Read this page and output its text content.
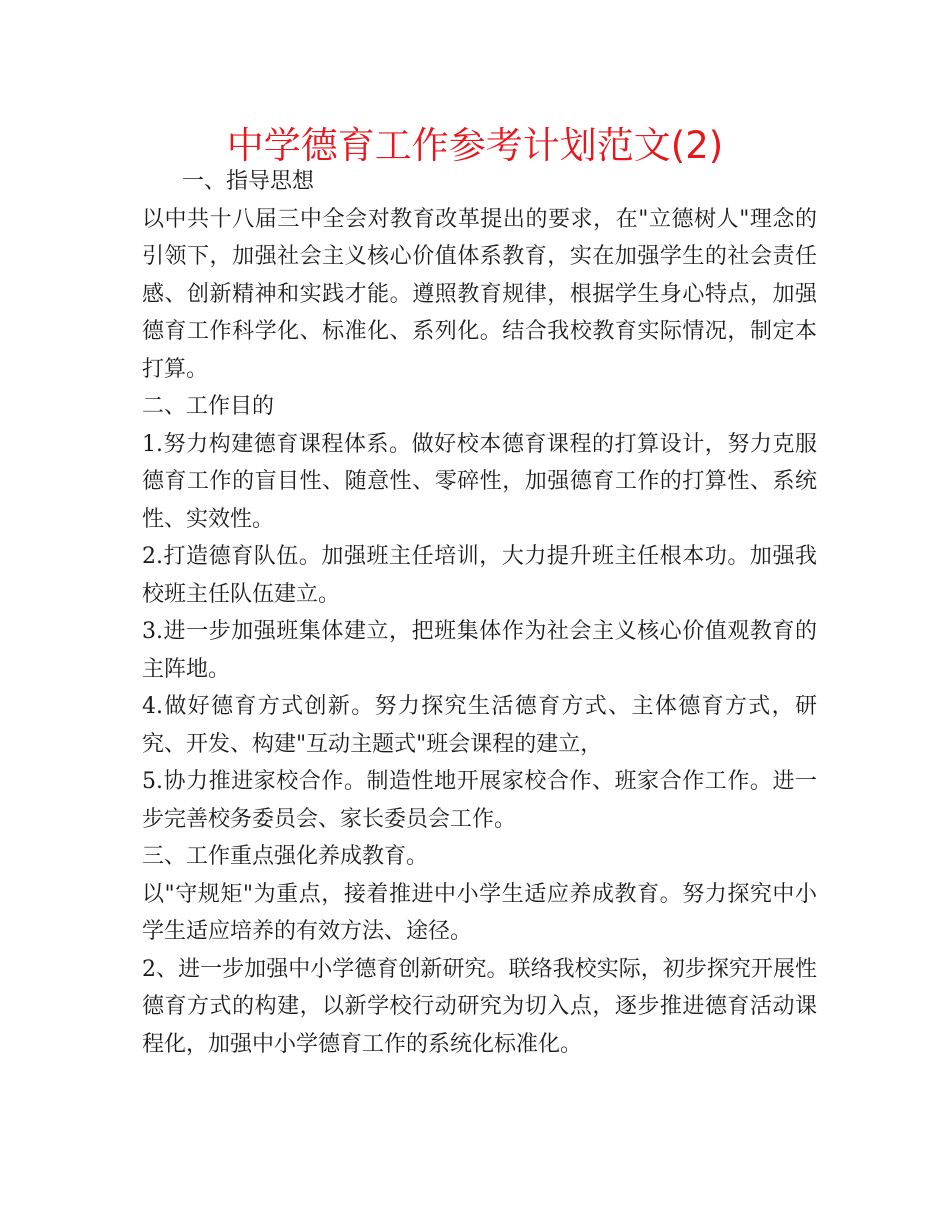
中学德育工作参考计划范文(2)

一、指导思想

以中共十八届三中全会对教育改革提出的要求，在"立德树人"理念的引领下，加强社会主义核心价值体系教育，实在加强学生的社会责任感、创新精神和实践才能。遵照教育规律，根据学生身心特点，加强德育工作科学化、标准化、系列化。结合我校教育实际情况，制定本打算。

二、工作目的

1.努力构建德育课程体系。做好校本德育课程的打算设计，努力克服德育工作的盲目性、随意性、零碎性，加强德育工作的打算性、系统性、实效性。

2.打造德育队伍。加强班主任培训，大力提升班主任根本功。加强我校班主任队伍建立。

3.进一步加强班集体建立，把班集体作为社会主义核心价值观教育的主阵地。

4.做好德育方式创新。努力探究生活德育方式、主体德育方式，研究、开发、构建"互动主题式"班会课程的建立，

5.协力推进家校合作。制造性地开展家校合作、班家合作工作。进一步完善校务委员会、家长委员会工作。

三、工作重点强化养成教育。

以"守规矩"为重点，接着推进中小学生适应养成教育。努力探究中小学生适应培养的有效方法、途径。

2、进一步加强中小学德育创新研究。联络我校实际，初步探究开展性德育方式的构建，以新学校行动研究为切入点，逐步推进德育活动课程化，加强中小学德育工作的系统化标准化。
